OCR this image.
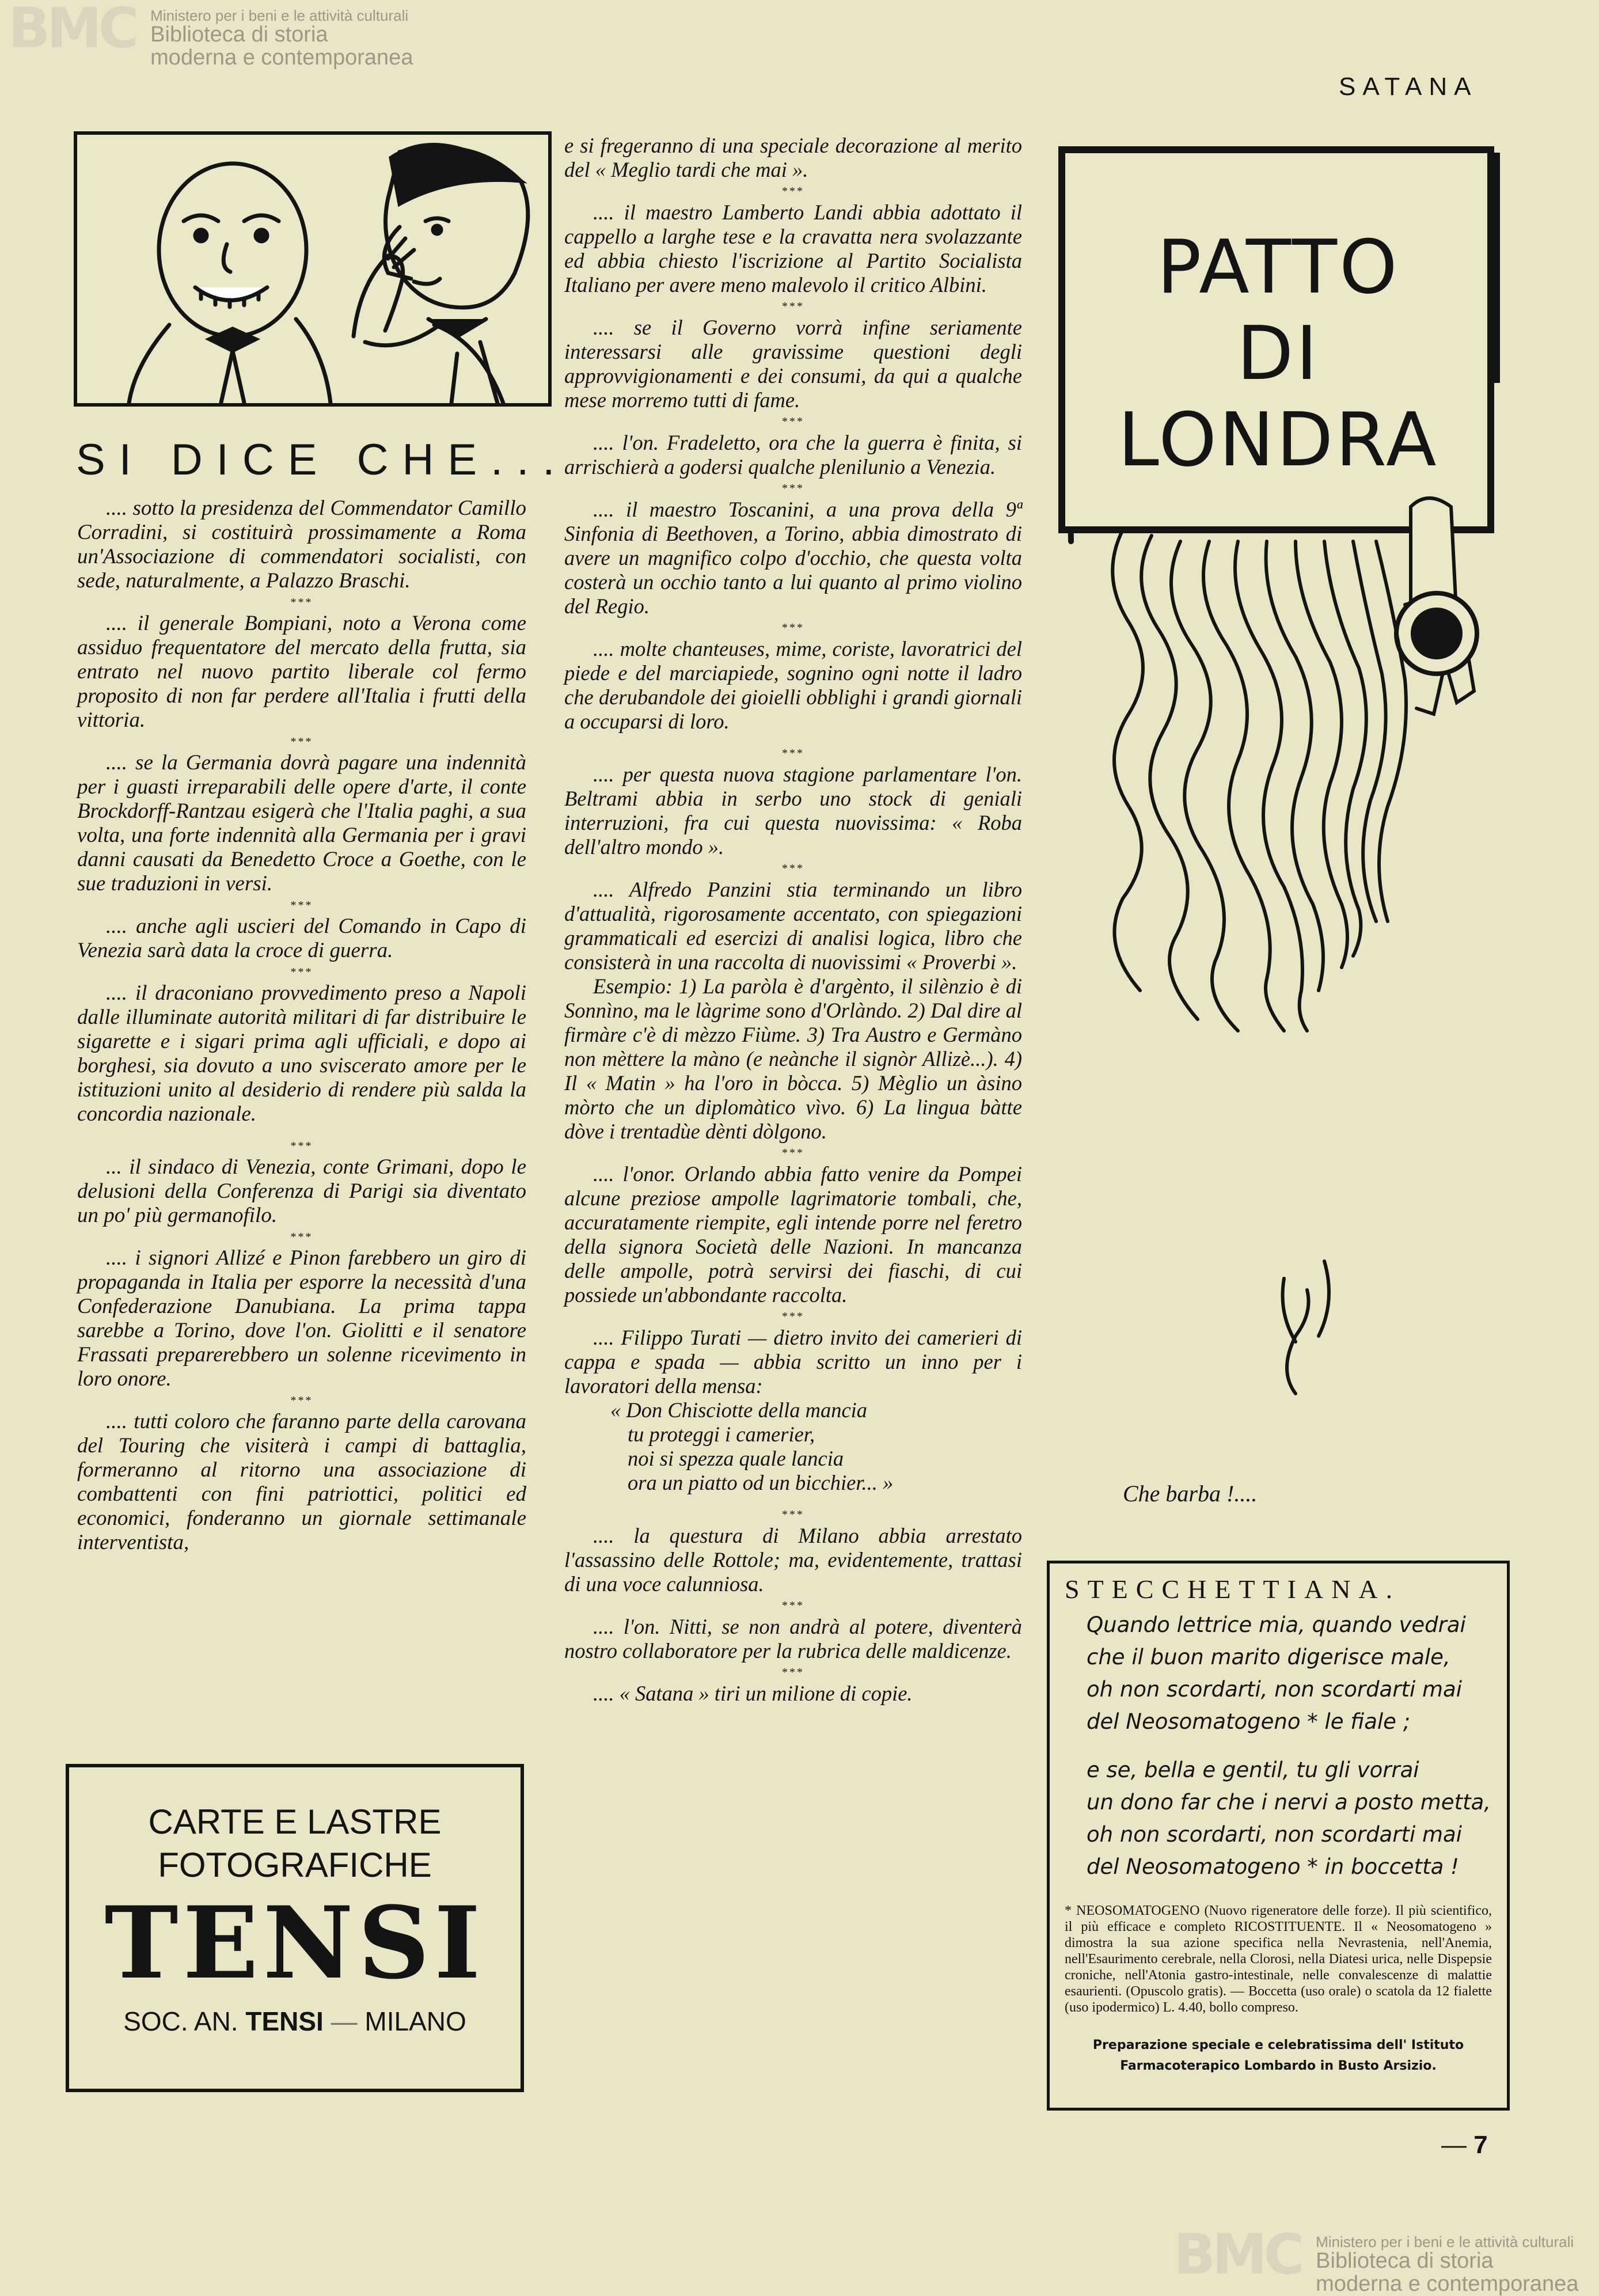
BMC Ministero per i beni e le attività culturali
Biblioteca di storia
moderna e contemporanea
SATANA
SI DICE CHE...

.... sotto la presidenza del Commendator Camillo Corradini, si costituirà prossimamente a Roma un'Associazione di commendatori socialisti, con sede, naturalmente, a Palazzo Braschi.

***

.... il generale Bompiani, noto a Verona come assiduo frequentatore del mercato della frutta, sia entrato nel nuovo partito liberale col fermo proposito di non far perdere all'Italia i frutti della vittoria.

***

.... se la Germania dovrà pagare una indennità per i guasti irreparabili delle opere d'arte, il conte Brockdorff-Rantzau esigerà che l'Italia paghi, a sua volta, una forte indennità alla Germania per i gravi danni causati da Benedetto Croce a Goethe, con le sue traduzioni in versi.

***

.... anche agli uscieri del Comando in Capo di Venezia sarà data la croce di guerra.

***

.... il draconiano provvedimento preso a Napoli dalle illuminate autorità militari di far distribuire le sigarette e i sigari prima agli ufficiali, e dopo ai borghesi, sia dovuto a uno sviscerato amore per le istituzioni unito al desiderio di rendere più salda la concordia nazionale.

***

... il sindaco di Venezia, conte Grimani, dopo le delusioni della Conferenza di Parigi sia diventato un po' più germanofilo.

***

.... i signori Allizé e Pinon farebbero un giro di propaganda in Italia per esporre la necessità d'una Confederazione Danubiana. La prima tappa sarebbe a Torino, dove l'on. Giolitti e il senatore Frassati preparerebbero un solenne ricevimento in loro onore.

***

.... tutti coloro che faranno parte della carovana del Touring che visiterà i campi di battaglia, formeranno al ritorno una associazione di combattenti con fini patriottici, politici ed economici, fonderanno un giornale settimanale interventista,

CARTE E LASTRE
FOTOGRAFICHE
TENSI
SOC. AN. TENSI — MILANO

e si fregeranno di una speciale decorazione al merito del « Meglio tardi che mai ».

***

.... il maestro Lamberto Landi abbia adottato il cappello a larghe tese e la cravatta nera svolazzante ed abbia chiesto l'iscrizione al Partito Socialista Italiano per avere meno malevolo il critico Albini.

***

.... se il Governo vorrà infine seriamente interessarsi alle gravissime questioni degli approvvigionamenti e dei consumi, da qui a qualche mese morremo tutti di fame.

***

.... l'on. Fradeletto, ora che la guerra è finita, si arrischierà a godersi qualche plenilunio a Venezia.

***

.... il maestro Toscanini, a una prova della 9ª Sinfonia di Beethoven, a Torino, abbia dimostrato di avere un magnifico colpo d'occhio, che questa volta costerà un occhio tanto a lui quanto al primo violino del Regio.

***

.... molte chanteuses, mime, coriste, lavoratrici del piede e del marciapiede, sognino ogni notte il ladro che derubandole dei gioielli obblighi i grandi giornali a occuparsi di loro.

***

.... per questa nuova stagione parlamentare l'on. Beltrami abbia in serbo uno stock di geniali interruzioni, fra cui questa nuovissima: « Roba dell'altro mondo ».

***

.... Alfredo Panzini stia terminando un libro d'attualità, rigorosamente accentato, con spiegazioni grammaticali ed esercizi di analisi logica, libro che consisterà in una raccolta di nuovissimi « Proverbi ».

Esempio: 1) La paròla è d'argènto, il silènzio è di Sonnìno, ma le làgrime sono d'Orlàndo. 2) Dal dire al firmàre c'è di mèzzo Fiùme. 3) Tra Austro e Germàno non mèttere la màno (e neànche il signòr Allizè...). 4) Il « Matin » ha l'oro in bòcca. 5) Mèglio un àsino mòrto che un diplomàtico vìvo. 6) La lingua bàtte dòve i trentadùe dènti dòlgono.

***

.... l'onor. Orlando abbia fatto venire da Pompei alcune preziose ampolle lagrimatorie tombali, che, accuratamente riempite, egli intende porre nel feretro della signora Società delle Nazioni. In mancanza delle ampolle, potrà servirsi dei fiaschi, di cui possiede un'abbondante raccolta.

***

.... Filippo Turati — dietro invito dei camerieri di cappa e spada — abbia scritto un inno per i lavoratori della mensa:

« Don Chisciotte della mancia
tu proteggi i camerier,
noi si spezza quale lancia
ora un piatto od un bicchier... »
***

.... la questura di Milano abbia arrestato l'assassino delle Rottole; ma, evidentemente, trattasi di una voce calunniosa.

***

.... l'on. Nitti, se non andrà al potere, diventerà nostro collaboratore per la rubrica delle maldicenze.

***

.... « Satana » tiri un milione di copie.

PATTO
DI
LONDRA
Che barba !....
STECCHETTIANA.

Quando lettrice mia, quando vedrai

che il buon marito digerisce male,

oh non scordarti, non scordarti mai

del Neosomatogeno * le fiale ;

e se, bella e gentil, tu gli vorrai

un dono far che i nervi a posto metta,

oh non scordarti, non scordarti mai

del Neosomatogeno * in boccetta !

* NEOSOMATOGENO (Nuovo rigeneratore delle forze). Il più scientifico, il più efficace e completo RICOSTITUENTE. Il « Neosomatogeno » dimostra la sua azione specifica nella Nevrastenia, nell'Anemia, nell'Esaurimento cerebrale, nella Clorosi, nella Diatesi urica, nelle Dispepsie croniche, nell'Atonia gastro-intestinale, nelle convalescenze di malattie esaurienti. (Opuscolo gratis). — Boccetta (uso orale) o scatola da 12 fialette (uso ipodermico) L. 4.40, bollo compreso.

Preparazione speciale e celebratissima dell' Istituto
Farmacoterapico Lombardo in Busto Arsizio.
— 7
BMC Ministero per i beni e le attività culturali
Biblioteca di storia
moderna e contemporanea
